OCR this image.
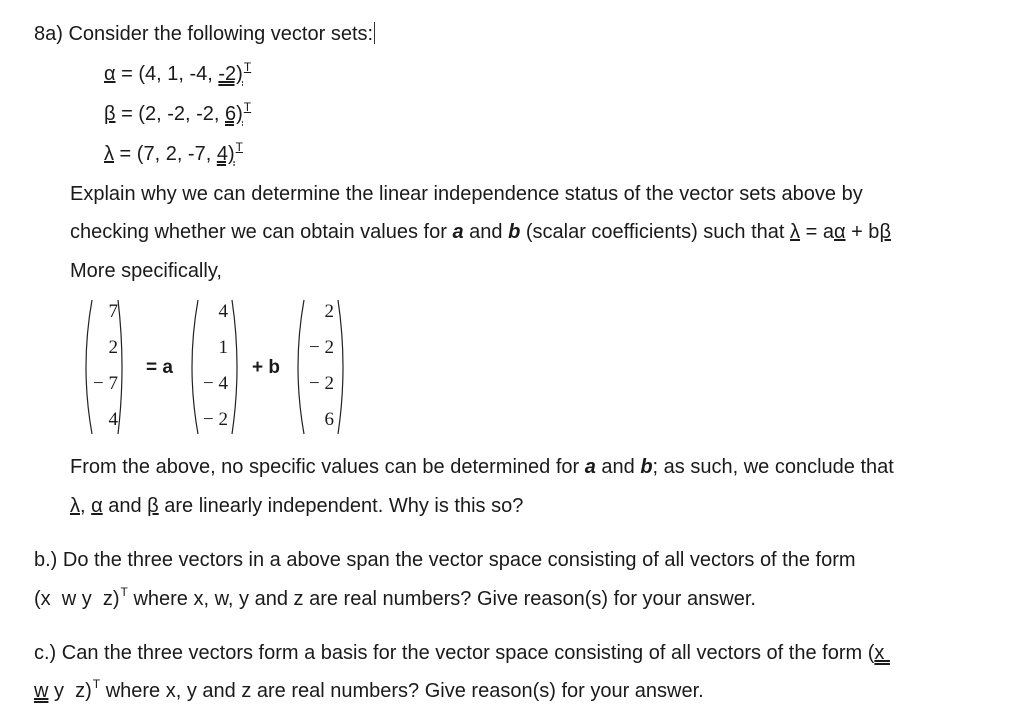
8a) Consider the following vector sets:
α = (4, 1, -4, -2)$^T$
β = (2, -2, -2, 6)$^T$
λ = (7, 2, -7, 4)$^T$
Explain why we can determine the linear independence status of the vector sets above by
checking whether we can obtain values for a and b (scalar coefficients) such that λ = aα + bβ
More specifically,
7
2
− 7
4
= a
4
1
− 4
− 2
+ b
2
− 2
− 2
6
From the above, no specific values can be determined for a and b; as such, we conclude that
λ, α and β are linearly independent. Why is this so?
b.) Do the three vectors in a above span the vector space consisting of all vectors of the form
(x  w y  z)$^T$ where x, w, y and z are real numbers? Give reason(s) for your answer.
c.) Can the three vectors form a basis for the vector space consisting of all vectors of the form (x
w y  z)$^T$ where x, y and z are real numbers? Give reason(s) for your answer.
